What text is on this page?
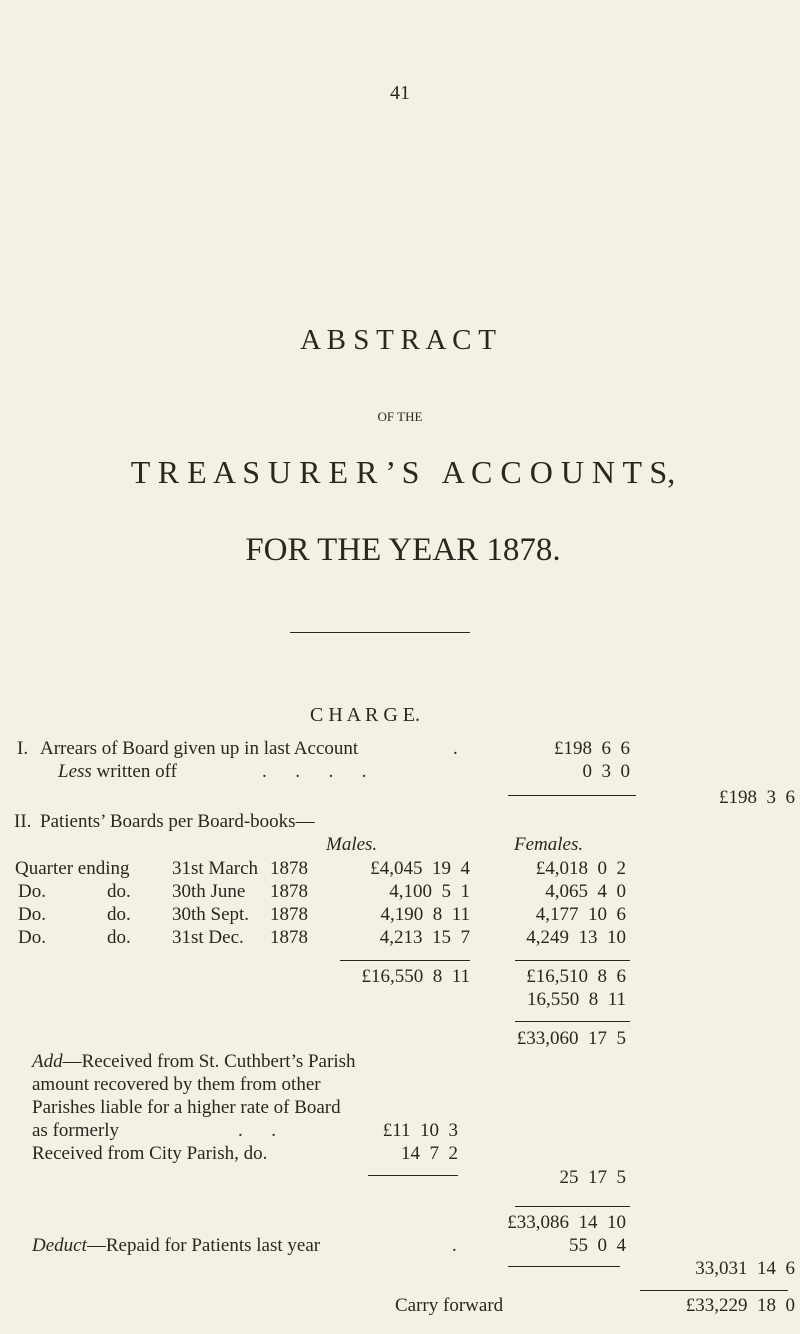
41
A B S T R A C T
OF THE
T R E A S U R E R ’ S   A C C O U N T S,
FOR THE YEAR 1878.
C H A R G E.
I. Arrears of Board given up in last Account	.	£198  6  6
Less written off	.      .      .      .	0  3  0
£198  3  6
II. Patients’ Boards per Board-books—
Males.	Females.
Quarter ending 31st March 1878	£4,045  19  4	£4,018  0  2
Do.	do. 30th June 1878	4,100  5  1	4,065  4  0
Do.	do. 30th Sept. 1878	4,190  8  11	4,177  10  6
Do.	do. 31st Dec. 1878	4,213  15  7	4,249  13  10
£16,550  8  11	£16,510  8  6
16,550  8  11
£33,060  17  5
Add—Received from St. Cuthbert’s Parish
amount recovered by them from other
Parishes liable for a higher rate of Board
as formerly	.      .	£11  10  3
Received from City Parish, do.	14  7  2
25  17  5
£33,086  14  10
Deduct—Repaid for Patients last year	.	55  0  4
33,031  14  6
Carry forward	£33,229  18  0
